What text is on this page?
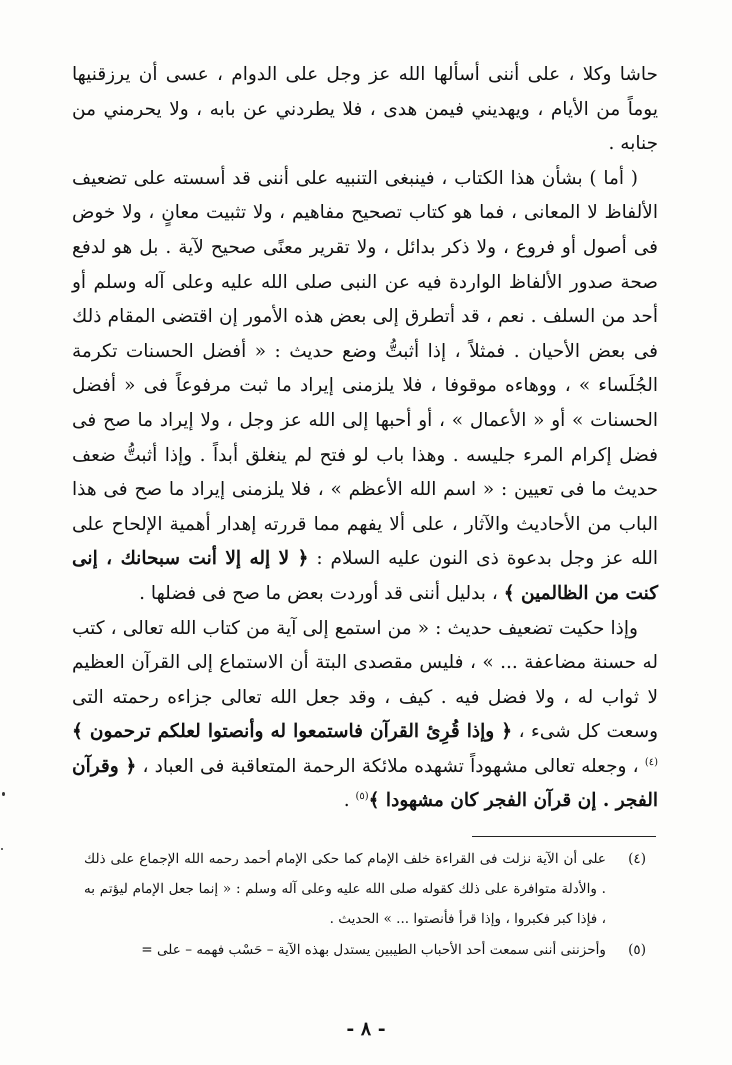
حاشا وكلا ، على أننى أسألها الله عز وجل على الدوام ، عسى أن يرزقنيها يوماً من الأيام ، ويهديني فيمن هدى ، فلا يطردني عن بابه ، ولا يحرمني من جنابه .

( أما ) بشأن هذا الكتاب ، فينبغى التنبيه على أننى قد أسسته على تضعيف الألفاظ لا المعانى ، فما هو كتاب تصحيح مفاهيم ، ولا تثبيت معانٍ ، ولا خوض فى أصول أو فروع ، ولا ذكر بدائل ، ولا تقرير معنًى صحيح لآية . بل هو لدفع صحة صدور الألفاظ الواردة فيه عن النبى صلى الله عليه وعلى آله وسلم أو أحد من السلف . نعم ، قد أتطرق إلى بعض هذه الأمور إن اقتضى المقام ذلك فى بعض الأحيان . فمثلاً ، إذا أثبتُّ وضع حديث : « أفضل الحسنات تكرمة الجُلَساء » ، ووهاءه موقوفا ، فلا يلزمنى إيراد ما ثبت مرفوعاً فى « أفضل الحسنات » أو « الأعمال » ، أو أحبها إلى الله عز وجل ، ولا إيراد ما صح فى فضل إكرام المرء جليسه . وهذا باب لو فتح لم ينغلق أبداً . وإذا أثبتُّ ضعف حديث ما فى تعيين : « اسم الله الأعظم » ، فلا يلزمنى إيراد ما صح فى هذا الباب من الأحاديث والآثار ، على ألا يفهم مما قررته إهدار أهمية الإلحاح على الله عز وجل بدعوة ذى النون عليه السلام : ﴿ لا إله إلا أنت سبحانك ، إنى كنت من الظالمين ﴾ ، بدليل أننى قد أوردت بعض ما صح فى فضلها .

وإذا حكيت تضعيف حديث : « من استمع إلى آية من كتاب الله تعالى ، كتب له حسنة مضاعفة ... » ، فليس مقصدى البتة أن الاستماع إلى القرآن العظيم لا ثواب له ، ولا فضل فيه . كيف ، وقد جعل الله تعالى جزاءه رحمته التى وسعت كل شىء ، ﴿ وإذا قُرِئ القرآن فاستمعوا له وأنصتوا لعلكم ترحمون ﴾$^{(٤)}$ ، وجعله تعالى مشهوداً تشهده ملائكة الرحمة المتعاقبة فى العباد ، ﴿ وقرآن الفجر . إن قرآن الفجر كان مشهودا ﴾$^{(٥)}$ .

(٤)
على أن الآية نزلت فى القراءة خلف الإمام كما حكى الإمام أحمد رحمه الله الإجماع على ذلك . والأدلة متوافرة على ذلك كقوله صلى الله عليه وعلى آله وسلم : « إنما جعل الإمام ليؤتم به ، فإذا كبر فكبروا ، وإذا قرأ فأنصتوا ... » الحديث .
(٥)
وأحزننى أننى سمعت أحد الأحباب الطيبين يستدل بهذه الآية – حَسْب فهمه – على =
- ٨ -
